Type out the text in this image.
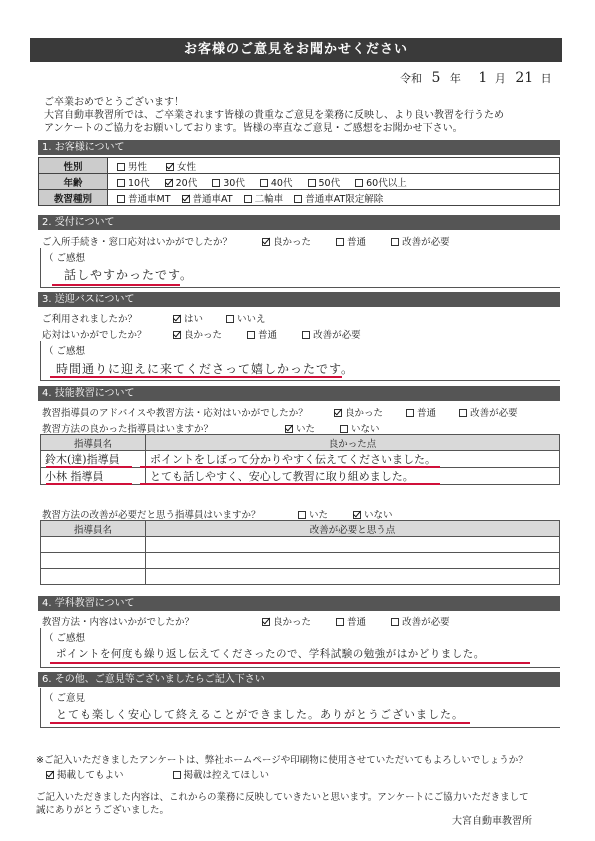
お客様のご意見をお聞かせください
令和 5 年 1 月 21 日
ご卒業おめでとうございます！
大宮自動車教習所では、ご卒業されます皆様の貴重なご意見を業務に反映し、より良い教習を行うため
アンケートのご協力をお願いしております。皆様の率直なご意見・ご感想をお聞かせ下さい。
1. お客様について
性別	男性 女性
年齢	10代 20代 30代 40代 50代 60代以上
教習種別	普通車MT 普通車AT 二輪車 普通車AT限定解除
2. 受付について
ご入所手続き・窓口応対はいかがでしたか？	良かった	普通	改善が必要
（ ご感想
話しやすかったです。
3. 送迎バスについて
ご利用されましたか？	はい	いいえ
応対はいかがでしたか？	良かった	普通	改善が必要
（ ご感想
時間通りに迎えに来てくださって嬉しかったです。
4. 技能教習について
教習指導員のアドバイスや教習方法・応対はいかがでしたか？	良かった	普通	改善が必要
教習方法の良かった指導員はいますか？	いた	いない
指導員名	良かった点
鈴木(達)指導員	ポイントをしぼって分かりやすく伝えてくださいました。
小林 指導員	とても話しやすく、安心して教習に取り組めました。
教習方法の改善が必要だと思う指導員はいますか？	いた	いない
指導員名	改善が必要と思う点

4. 学科教習について
教習方法・内容はいかがでしたか？	良かった	普通	改善が必要
（ ご感想
ポイントを何度も繰り返し伝えてくださったので、学科試験の勉強がはかどりました。
6. その他、ご意見等ございましたらご記入下さい
（ ご意見
とても楽しく安心して終えることができました。ありがとうございました。
※ご記入いただきましたアンケートは、弊社ホームページや印刷物に使用させていただいてもよろしいでしょうか？
掲載してもよい	掲載は控えてほしい
ご記入いただきました内容は、これからの業務に反映していきたいと思います。アンケートにご協力いただきまして
誠にありがとうございました。
大宮自動車教習所
